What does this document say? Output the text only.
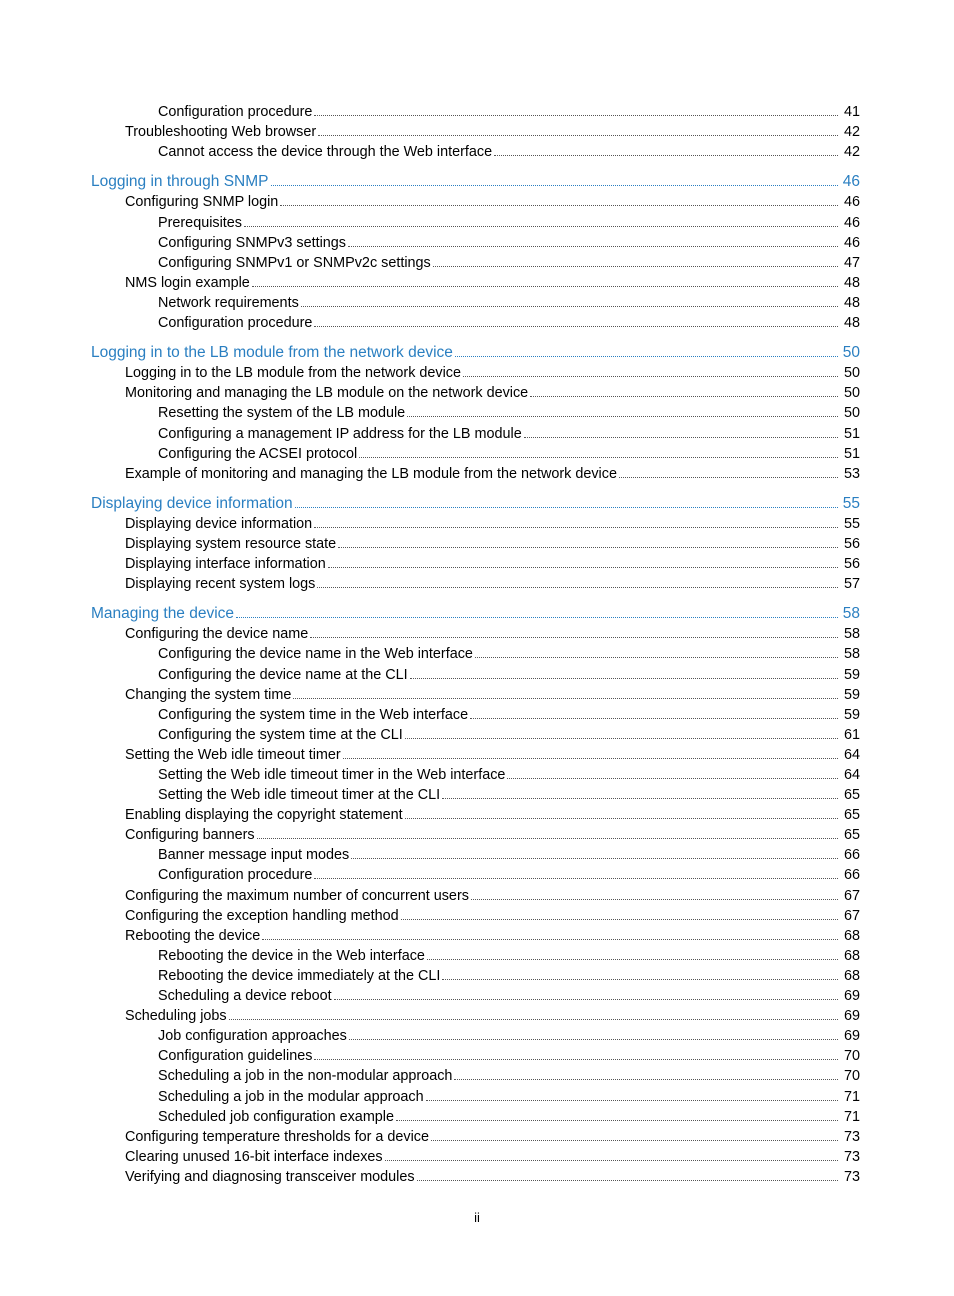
Configuration procedure	41
Troubleshooting Web browser	42
Cannot access the device through the Web interface	42
Logging in through SNMP	46
Configuring SNMP login	46
Prerequisites	46
Configuring SNMPv3 settings	46
Configuring SNMPv1 or SNMPv2c settings	47
NMS login example	48
Network requirements	48
Configuration procedure	48
Logging in to the LB module from the network device	50
Logging in to the LB module from the network device	50
Monitoring and managing the LB module on the network device	50
Resetting the system of the LB module	50
Configuring a management IP address for the LB module	51
Configuring the ACSEI protocol	51
Example of monitoring and managing the LB module from the network device	53
Displaying device information	55
Displaying device information	55
Displaying system resource state	56
Displaying interface information	56
Displaying recent system logs	57
Managing the device	58
Configuring the device name	58
Configuring the device name in the Web interface	58
Configuring the device name at the CLI	59
Changing the system time	59
Configuring the system time in the Web interface	59
Configuring the system time at the CLI	61
Setting the Web idle timeout timer	64
Setting the Web idle timeout timer in the Web interface	64
Setting the Web idle timeout timer at the CLI	65
Enabling displaying the copyright statement	65
Configuring banners	65
Banner message input modes	66
Configuration procedure	66
Configuring the maximum number of concurrent users	67
Configuring the exception handling method	67
Rebooting the device	68
Rebooting the device in the Web interface	68
Rebooting the device immediately at the CLI	68
Scheduling a device reboot	69
Scheduling jobs	69
Job configuration approaches	69
Configuration guidelines	70
Scheduling a job in the non-modular approach	70
Scheduling a job in the modular approach	71
Scheduled job configuration example	71
Configuring temperature thresholds for a device	73
Clearing unused 16-bit interface indexes	73
Verifying and diagnosing transceiver modules	73
ii
